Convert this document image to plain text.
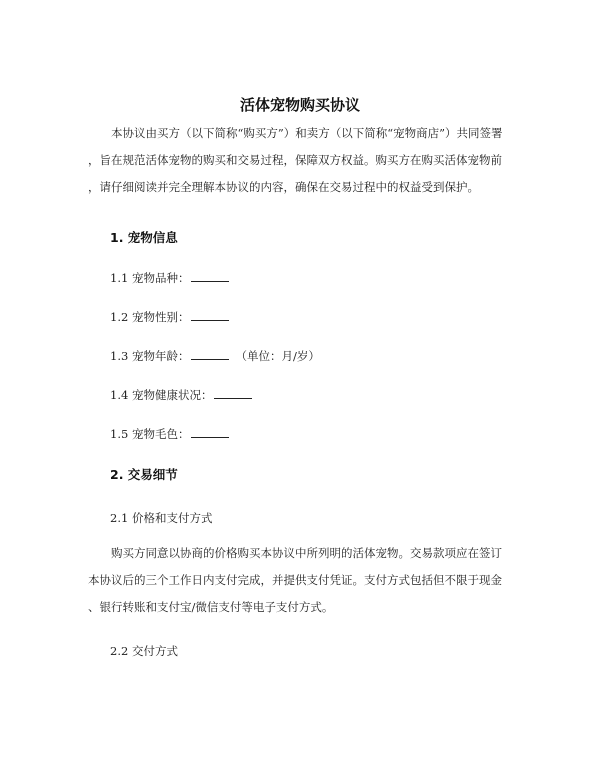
活体宠物购买协议
本协议由买方（以下简称“购买方”）和卖方（以下简称“宠物商店”）共同签署
，旨在规范活体宠物的购买和交易过程，保障双方权益。购买方在购买活体宠物前
，请仔细阅读并完全理解本协议的内容，确保在交易过程中的权益受到保护。
1. 宠物信息
1.1 宠物品种：
1.2 宠物性别：
1.3 宠物年龄：	（单位：月/岁）
1.4 宠物健康状况：
1.5 宠物毛色：
2. 交易细节
2.1 价格和支付方式
购买方同意以协商的价格购买本协议中所列明的活体宠物。交易款项应在签订
本协议后的三个工作日内支付完成，并提供支付凭证。支付方式包括但不限于现金
、银行转账和支付宝/微信支付等电子支付方式。
2.2 交付方式
